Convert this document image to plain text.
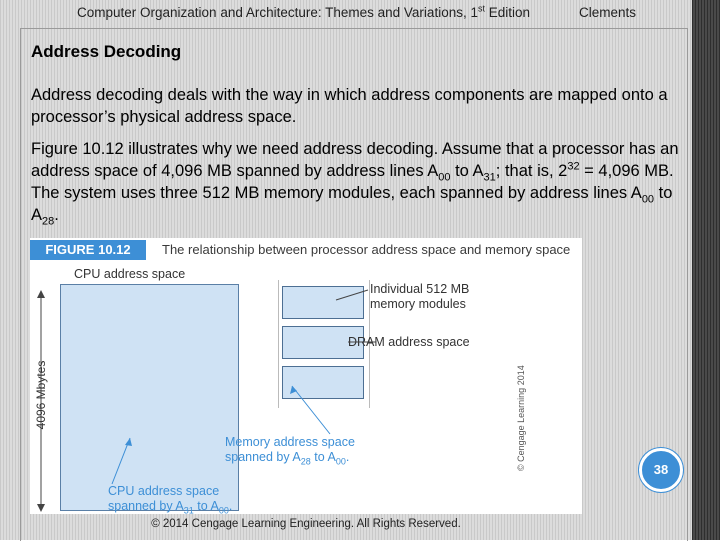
Computer Organization and Architecture: Themes and Variations, 1st Edition	Clements
Address Decoding
Address decoding deals with the way in which address components are mapped onto a processor’s physical address space.
Figure 10.12 illustrates why we need address decoding. Assume that a processor has an address space of 4,096 MB spanned by address lines $A_{00}$ to $A_{31}$; that is, $2^{32} = 4,096$ MB. The system uses three 512 MB memory modules, each spanned by address lines $A_{00}$ to $A_{28}$.
FIGURE 10.12	The relationship between processor address space and memory space
CPU address space
4096 Mbytes
Individual 512 MB memory modules
DRAM address space
Memory address space spanned by $A_{28}$ to $A_{00}$.
CPU address space spanned by $A_{31}$ to $A_{00}$.
© Cengage Learning 2014
© 2014 Cengage Learning Engineering. All Rights Reserved.
38
